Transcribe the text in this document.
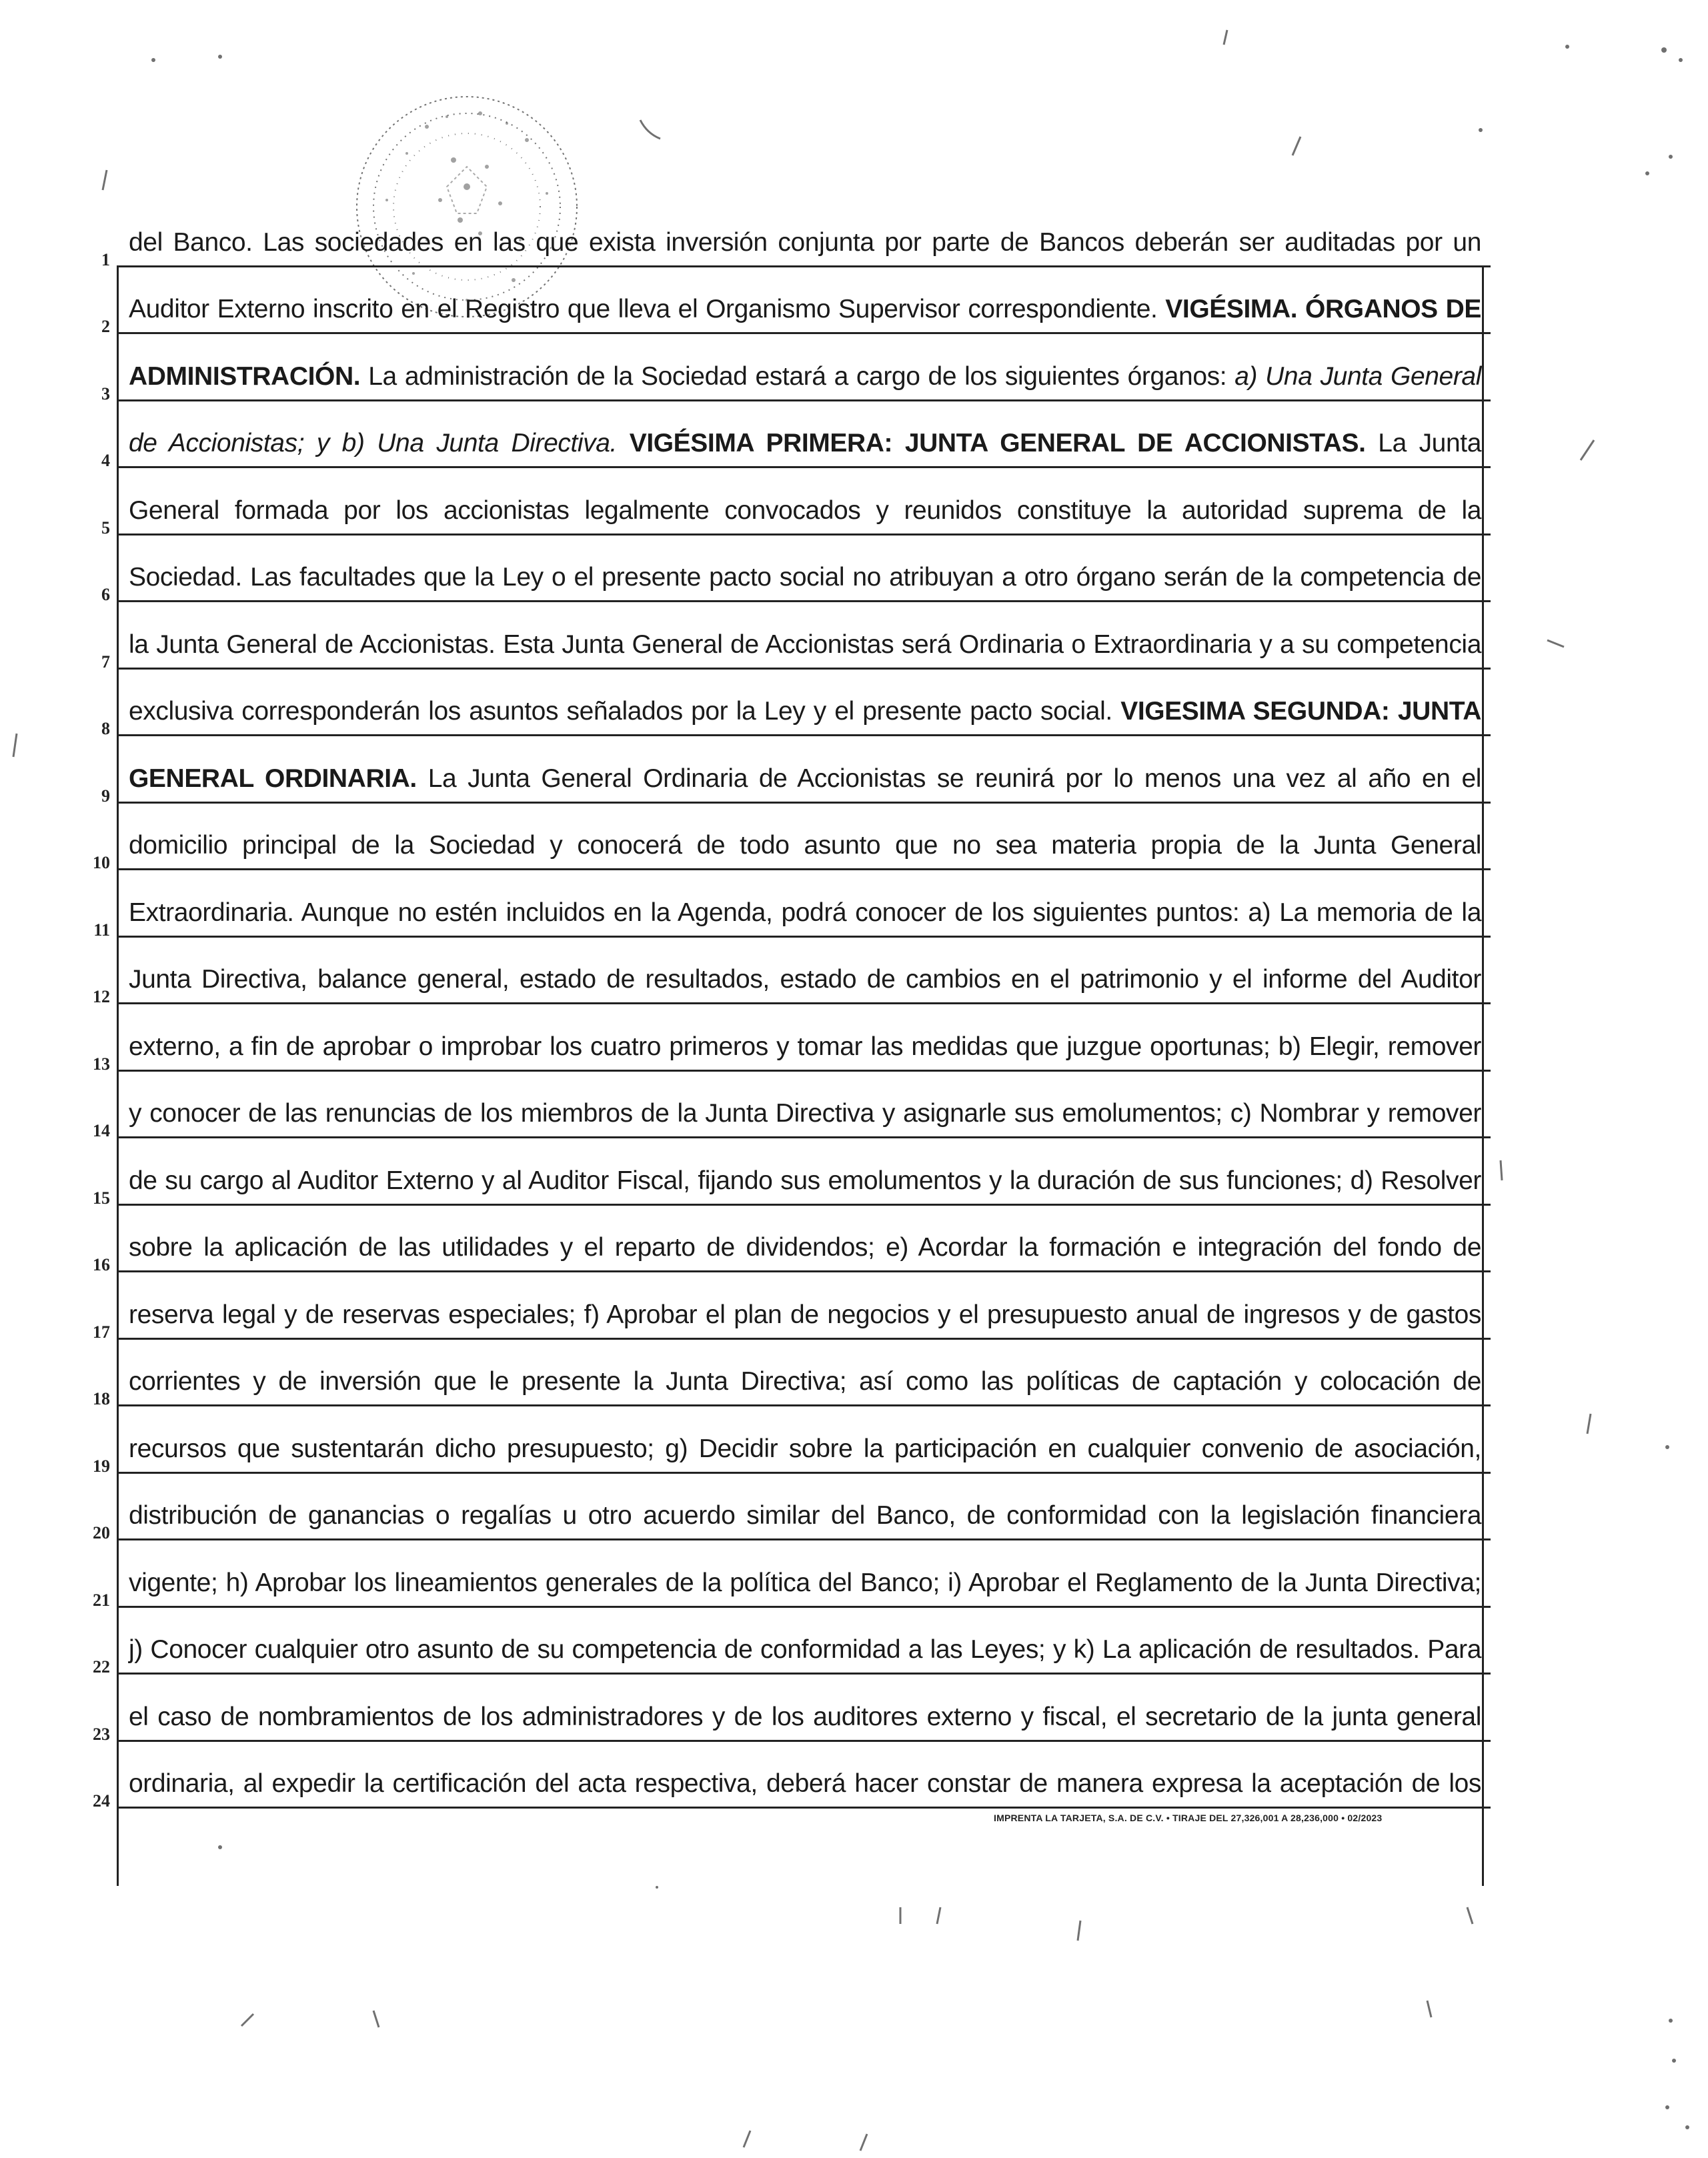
del Banco. Las sociedades en las que exista inversión conjunta por parte de Bancos deberán ser auditadas por un
1
Auditor Externo inscrito en el Registro que lleva el Organismo Supervisor correspondiente. VIGÉSIMA. ÓRGANOS DE
2
ADMINISTRACIÓN. La administración de la Sociedad estará a cargo de los siguientes órganos: a) Una Junta General
3
de Accionistas; y b) Una Junta Directiva. VIGÉSIMA PRIMERA: JUNTA GENERAL DE ACCIONISTAS. La Junta
4
General formada por los accionistas legalmente convocados y reunidos constituye la autoridad suprema de la
5
Sociedad. Las facultades que la Ley o el presente pacto social no atribuyan a otro órgano serán de la competencia de
6
la Junta General de Accionistas. Esta Junta General de Accionistas será Ordinaria o Extraordinaria y a su competencia
7
exclusiva corresponderán los asuntos señalados por la Ley y el presente pacto social. VIGESIMA SEGUNDA: JUNTA
8
GENERAL ORDINARIA. La Junta General Ordinaria de Accionistas se reunirá por lo menos una vez al año en el
9
domicilio principal de la Sociedad y conocerá de todo asunto que no sea materia propia de la Junta General
10
Extraordinaria. Aunque no estén incluidos en la Agenda, podrá conocer de los siguientes puntos: a) La memoria de la
11
Junta Directiva, balance general, estado de resultados, estado de cambios en el patrimonio y el informe del Auditor
12
externo, a fin de aprobar o improbar los cuatro primeros y tomar las medidas que juzgue oportunas; b) Elegir, remover
13
y conocer de las renuncias de los miembros de la Junta Directiva y asignarle sus emolumentos; c) Nombrar y remover
14
de su cargo al Auditor Externo y al Auditor Fiscal, fijando sus emolumentos y la duración de sus funciones; d) Resolver
15
sobre la aplicación de las utilidades y el reparto de dividendos; e) Acordar la formación e integración del fondo de
16
reserva legal y de reservas especiales; f) Aprobar el plan de negocios y el presupuesto anual de ingresos y de gastos
17
corrientes y de inversión que le presente la Junta Directiva; así como las políticas de captación y colocación de
18
recursos que sustentarán dicho presupuesto; g) Decidir sobre la participación en cualquier convenio de asociación,
19
distribución de ganancias o regalías u otro acuerdo similar del Banco, de conformidad con la legislación financiera
20
vigente; h) Aprobar los lineamientos generales de la política del Banco; i) Aprobar el Reglamento de la Junta Directiva;
21
j) Conocer cualquier otro asunto de su competencia de conformidad a las Leyes; y k) La aplicación de resultados. Para
22
el caso de nombramientos de los administradores y de los auditores externo y fiscal, el secretario de la junta general
23
ordinaria, al expedir la certificación del acta respectiva, deberá hacer constar de manera expresa la aceptación de los
24
IMPRENTA LA TARJETA, S.A. DE C.V. • TIRAJE DEL 27,326,001 A 28,236,000 • 02/2023
